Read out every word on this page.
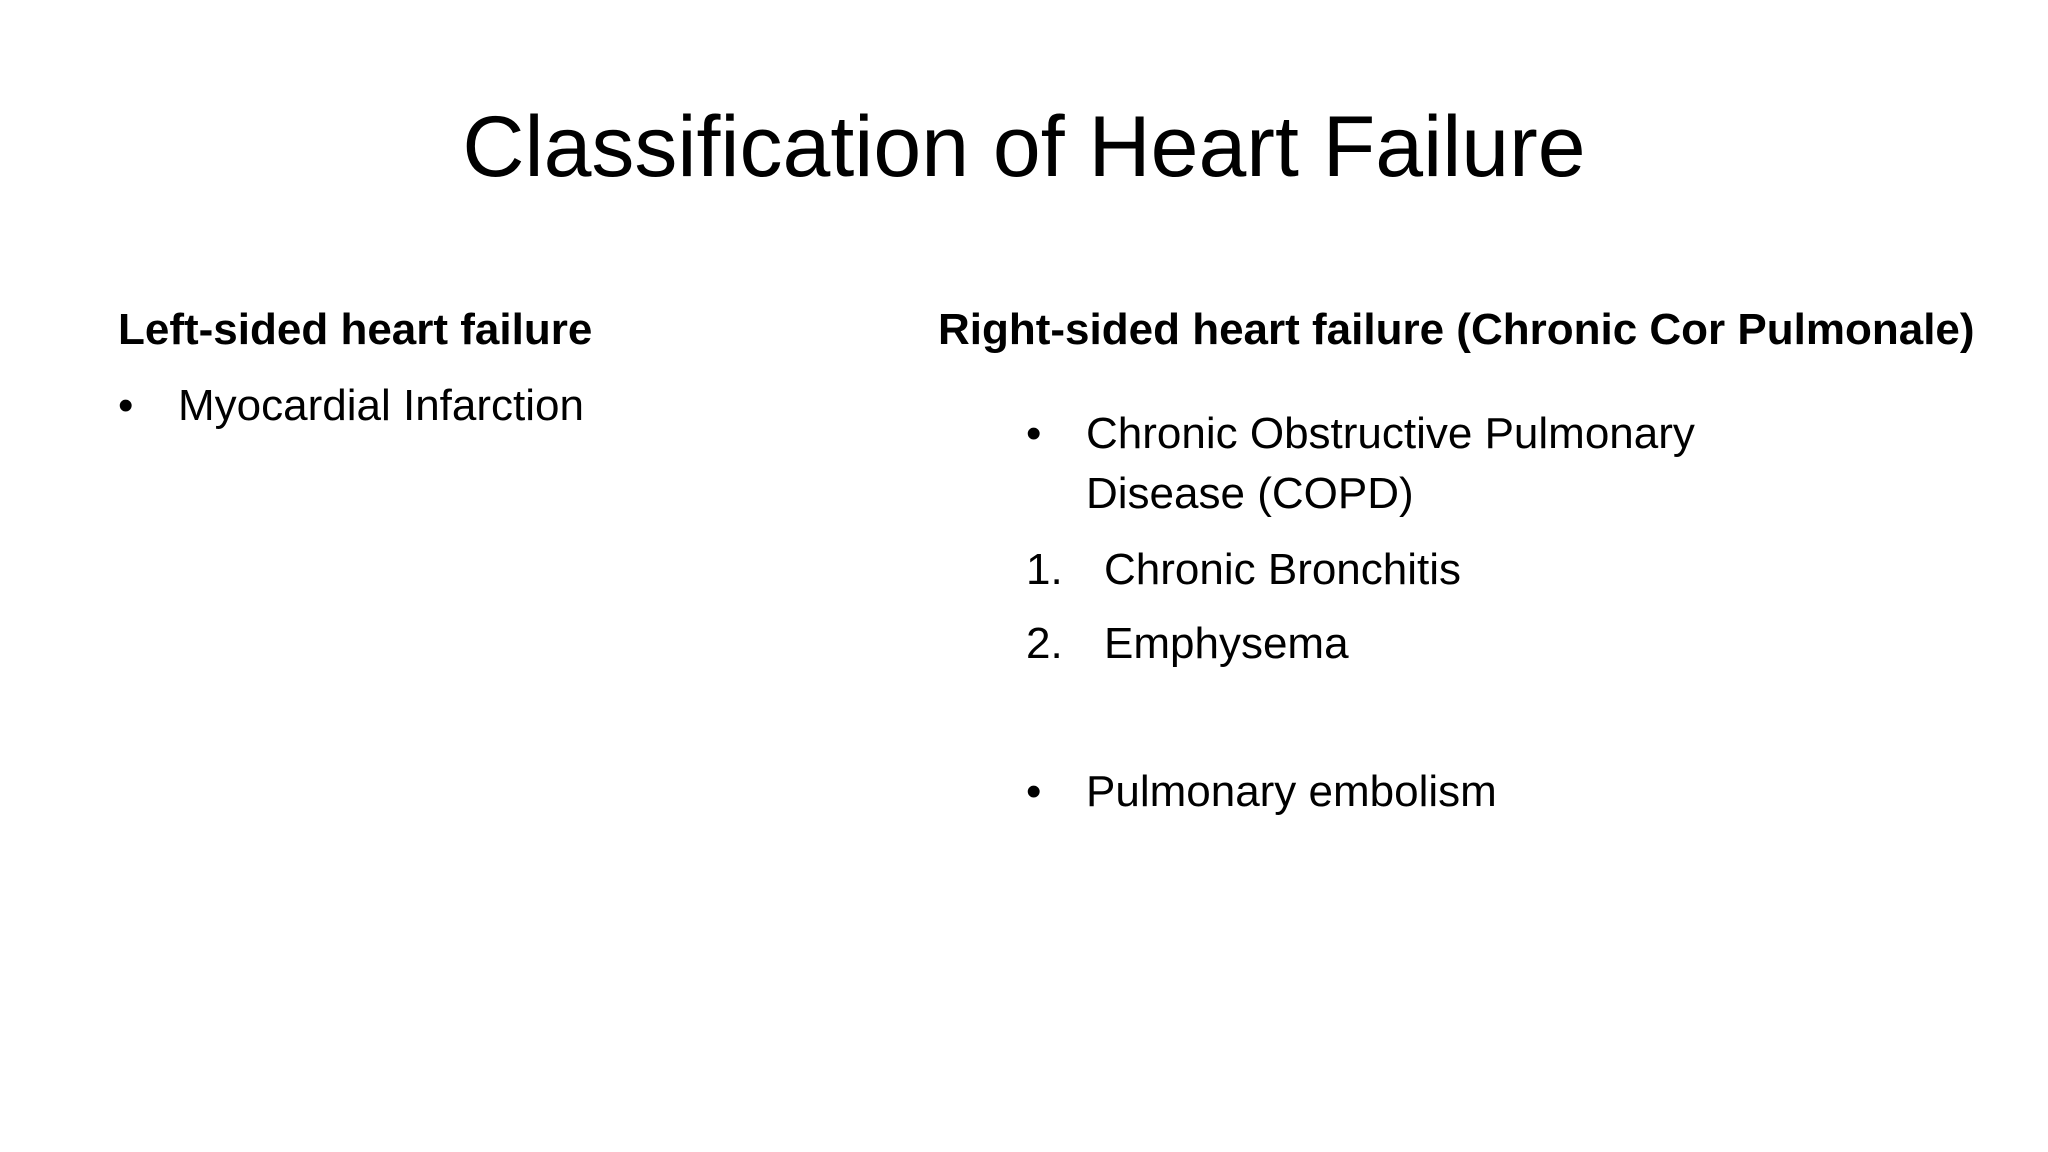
Classification of Heart Failure
Left-sided heart failure
• Myocardial Infarction
Right-sided heart failure (Chronic Cor Pulmonale)
• Chronic Obstructive Pulmonary
Disease (COPD)
1. Chronic Bronchitis
2. Emphysema
• Pulmonary embolism
